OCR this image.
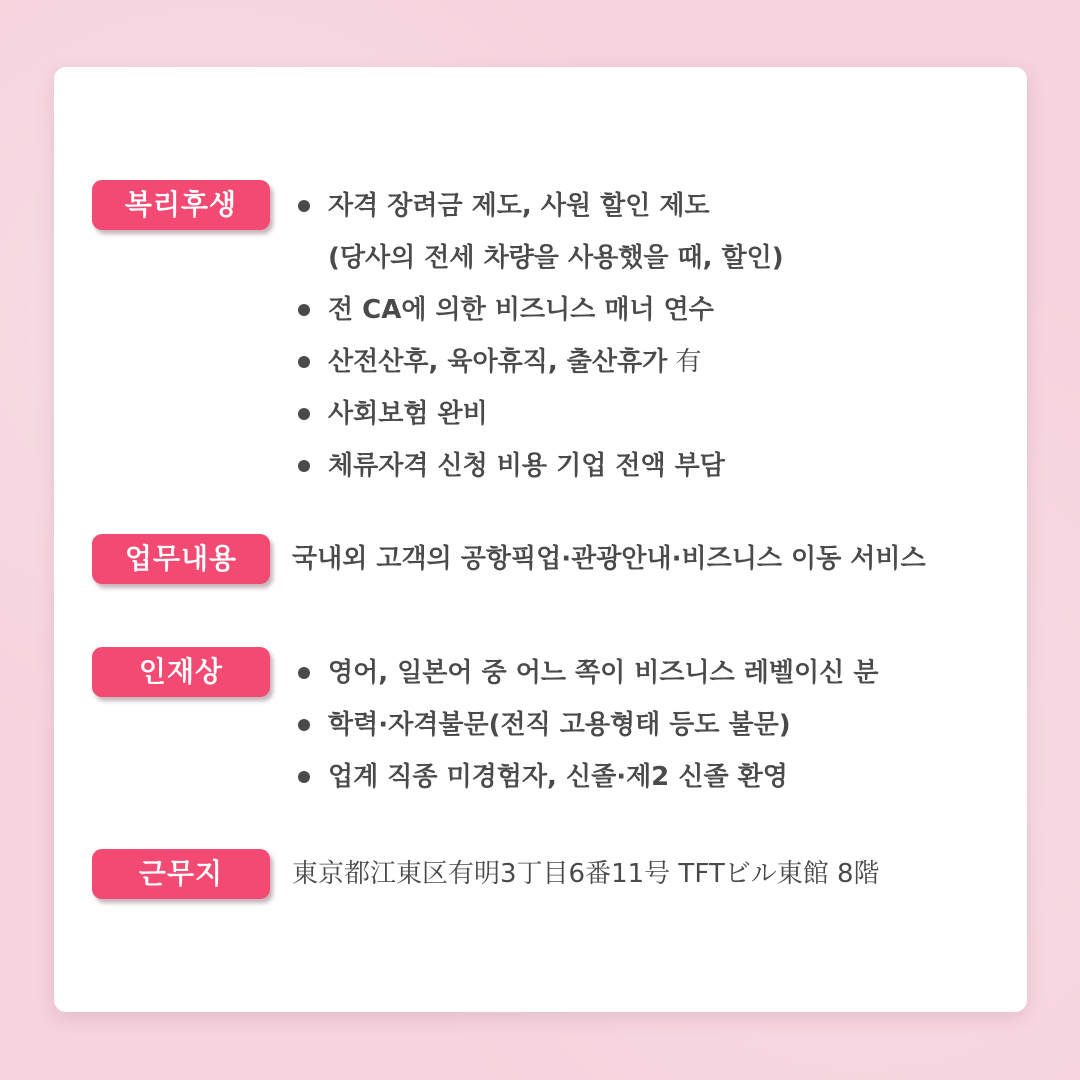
복리후생	자격 장려금 제도, 사원 할인 제도
(당사의 전세 차량을 사용했을 때, 할인)
전 CA에 의한 비즈니스 매너 연수
산전산후, 육아휴직, 출산휴가 有
사회보험 완비
체류자격 신청 비용 기업 전액 부담
업무내용	국내외 고객의 공항픽업·관광안내·비즈니스 이동 서비스
인재상	영어, 일본어 중 어느 쪽이 비즈니스 레벨이신 분
학력·자격불문(전직 고용형태 등도 불문)
업계 직종 미경험자, 신졸·제2 신졸 환영
근무지	東京都江東区有明3丁目6番11号 TFTビル東館 8階
